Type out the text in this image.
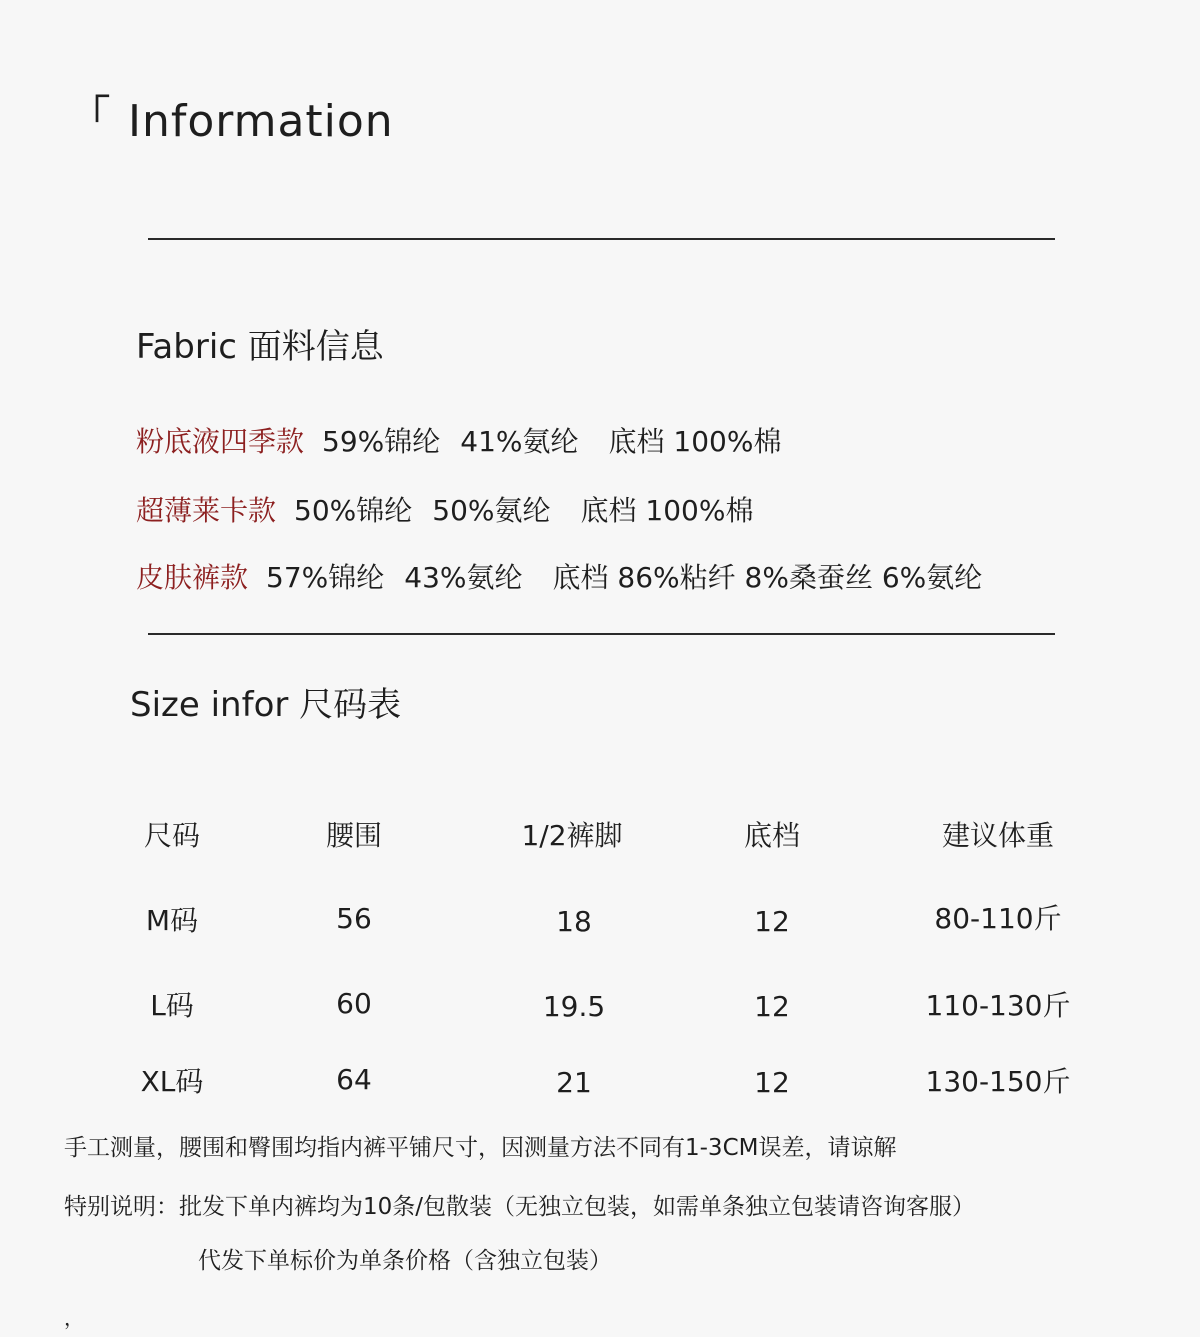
「 Information
Fabric 面料信息
粉底液四季款 59%锦纶 41%氨纶 底档 100%棉
超薄莱卡款 50%锦纶 50%氨纶 底档 100%棉
皮肤裤款 57%锦纶 43%氨纶 底档 86%粘纤 8%桑蚕丝 6%氨纶
Size infor 尺码表
尺码	腰围	1/2裤脚	底档	建议体重
M码	56	18	12	80-110斤
L码	60	19.5	12	110-130斤
XL码	64	21	12	130-150斤
手工测量，腰围和臀围均指内裤平铺尺寸，因测量方法不同有1-3CM误差，请谅解
特别说明：批发下单内裤均为10条/包散装（无独立包装，如需单条独立包装请咨询客服）
代发下单标价为单条价格（含独立包装）
，
